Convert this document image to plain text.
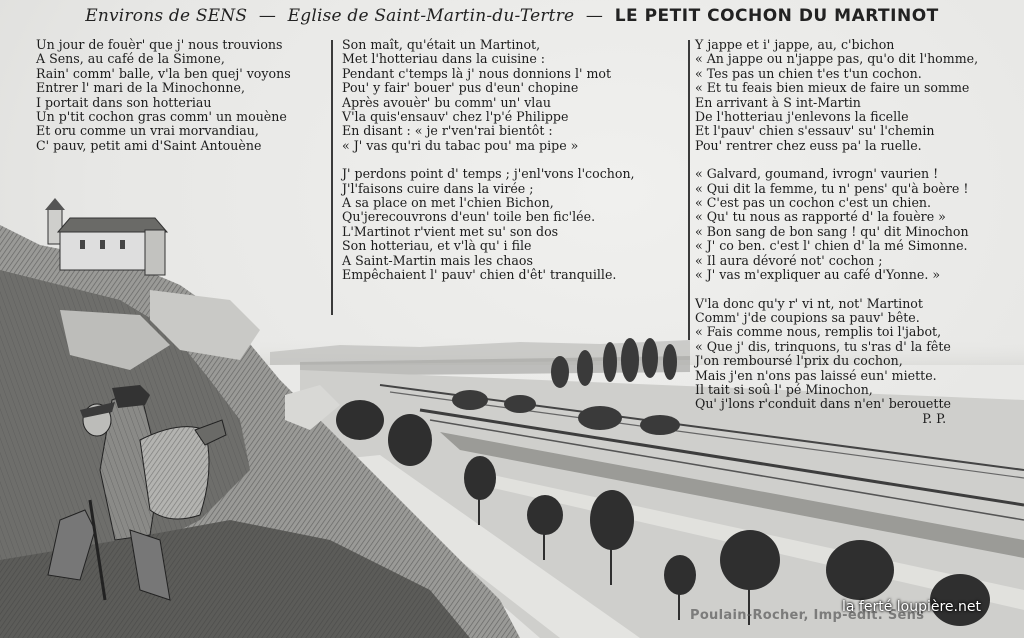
Environs de SENS — Eglise de Saint-Martin-du-Tertre — LE PETIT COCHON DU MARTINOT
Un jour de fouèr' que j' nous trouvions
A Sens, au café de la Simone,
Rain' comm' balle, v'la ben quej' voyons
Entrer l' mari de la Minochonne,
I portait dans son hotteriau
Un p'tit cochon gras comm' un mouène
Et oru comme un vrai morvandiau,
C' pauv, petit ami d'Saint Antouène
Son maît, qu'était un Martinot,
Met l'hotteriau dans la cuisine :
Pendant c'temps là j' nous donnions l' mot
Pou' y fair' bouer' pus d'eun' chopine
Après avouèr' bu comm' un' vlau
V'la quis'ensauv' chez l'p'é Philippe
En disant : « je r'ven'rai bientôt :
« J' vas qu'ri du tabac pou' ma pipe »
J' perdons point d' temps ; j'enl'vons l'cochon,
J'l'faisons cuire dans la virée ;
A sa place on met l'chien Bichon,
Qu'jerecouvrons d'eun' toile ben fic'lée.
L'Martinot r'vient met su' son dos
Son hotteriau, et v'là qu' i file
A Saint-Martin mais les chaos
Empêchaient l' pauv' chien d'êt' tranquille.
Y jappe et i' jappe, au, c'bichon
« An jappe ou n'jappe pas, qu'o dit l'homme,
« Tes pas un chien t'es t'un cochon.
« Et tu feais bien mieux de faire un somme
En arrivant à S int-Martin
De l'hotteriau j'enlevons la ficelle
Et l'pauv' chien s'essauv' su' l'chemin
Pou' rentrer chez euss pa' la ruelle.
« Galvard, goumand, ivrogn' vaurien !
« Qui dit la femme, tu n' pens' qu'à boère !
« C'est pas un cochon c'est un chien.
« Qu' tu nous as rapporté d' la fouère »
« Bon sang de bon sang ! qu' dit Minochon
« J' co ben. c'est l' chien d' la mé Simonne.
« Il aura dévoré not' cochon ;
« J' vas m'expliquer au café d'Yonne. »
V'la donc qu'y r' vi nt, not' Martinot
Comm' j'de coupions sa pauv' bête.
« Fais comme nous, remplis toi l'jabot,
« Que j' dis, trinquons, tu s'ras d' la fête
J'on remboursé l'prix du cochon,
Mais j'en n'ons pas laissé eun' miette.
Il tait si soû l' pé Minochon,
Qu' j'lons r'conduit dans n'en' berouette
P. P.
Poulain-Rocher, Imp-édit. Sens
la ferté loupière.net
